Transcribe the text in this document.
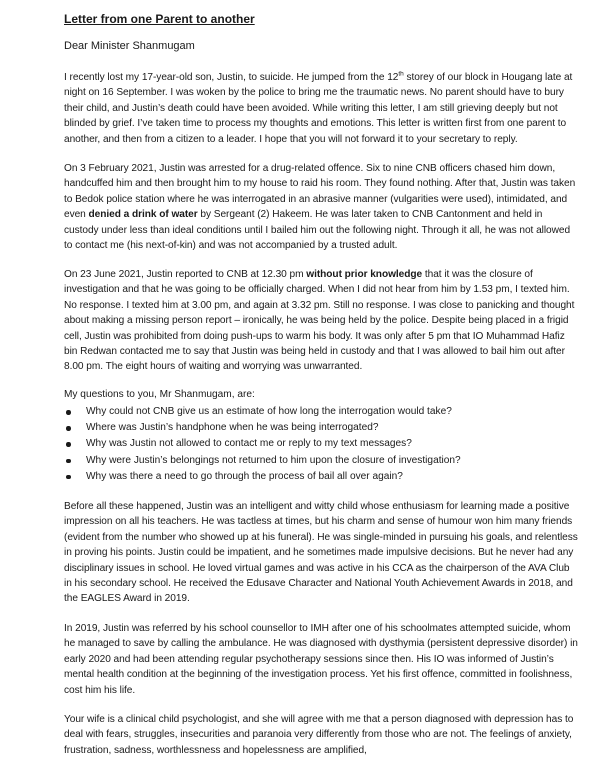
Letter from one Parent to another

Dear Minister Shanmugam

I recently lost my 17-year-old son, Justin, to suicide. He jumped from the 12th storey of our block in Hougang late at night on 16 September. I was woken by the police to bring me the traumatic news. No parent should have to bury their child, and Justin’s death could have been avoided. While writing this letter, I am still grieving deeply but not blinded by grief. I’ve taken time to process my thoughts and emotions. This letter is written first from one parent to another, and then from a citizen to a leader. I hope that you will not forward it to your secretary to reply.

On 3 February 2021, Justin was arrested for a drug-related offence. Six to nine CNB officers chased him down, handcuffed him and then brought him to my house to raid his room. They found nothing. After that, Justin was taken to Bedok police station where he was interrogated in an abrasive manner (vulgarities were used), intimidated, and even denied a drink of water by Sergeant (2) Hakeem. He was later taken to CNB Cantonment and held in custody under less than ideal conditions until I bailed him out the following night. Through it all, he was not allowed to contact me (his next-of-kin) and was not accompanied by a trusted adult.

On 23 June 2021, Justin reported to CNB at 12.30 pm without prior knowledge that it was the closure of investigation and that he was going to be officially charged. When I did not hear from him by 1.53 pm, I texted him. No response. I texted him at 3.00 pm, and again at 3.32 pm. Still no response. I was close to panicking and thought about making a missing person report – ironically, he was being held by the police. Despite being placed in a frigid cell, Justin was prohibited from doing push-ups to warm his body. It was only after 5 pm that IO Muhammad Hafiz bin Redwan contacted me to say that Justin was being held in custody and that I was allowed to bail him out after 8.00 pm. The eight hours of waiting and worrying was unwarranted.

My questions to you, Mr Shanmugam, are:

Why could not CNB give us an estimate of how long the interrogation would take?
Where was Justin’s handphone when he was being interrogated?
Why was Justin not allowed to contact me or reply to my text messages?
Why were Justin’s belongings not returned to him upon the closure of investigation?
Why was there a need to go through the process of bail all over again?

Before all these happened, Justin was an intelligent and witty child whose enthusiasm for learning made a positive impression on all his teachers. He was tactless at times, but his charm and sense of humour won him many friends (evident from the number who showed up at his funeral). He was single-minded in pursuing his goals, and relentless in proving his points. Justin could be impatient, and he sometimes made impulsive decisions. But he never had any disciplinary issues in school. He loved virtual games and was active in his CCA as the chairperson of the AVA Club in his secondary school. He received the Edusave Character and National Youth Achievement Awards in 2018, and the EAGLES Award in 2019.

In 2019, Justin was referred by his school counsellor to IMH after one of his schoolmates attempted suicide, whom he managed to save by calling the ambulance. He was diagnosed with dysthymia (persistent depressive disorder) in early 2020 and had been attending regular psychotherapy sessions since then. His IO was informed of Justin’s mental health condition at the beginning of the investigation process. Yet his first offence, committed in foolishness, cost him his life.

Your wife is a clinical child psychologist, and she will agree with me that a person diagnosed with depression has to deal with fears, struggles, insecurities and paranoia very differently from those who are not. The feelings of anxiety, frustration, sadness, worthlessness and hopelessness are amplified,
